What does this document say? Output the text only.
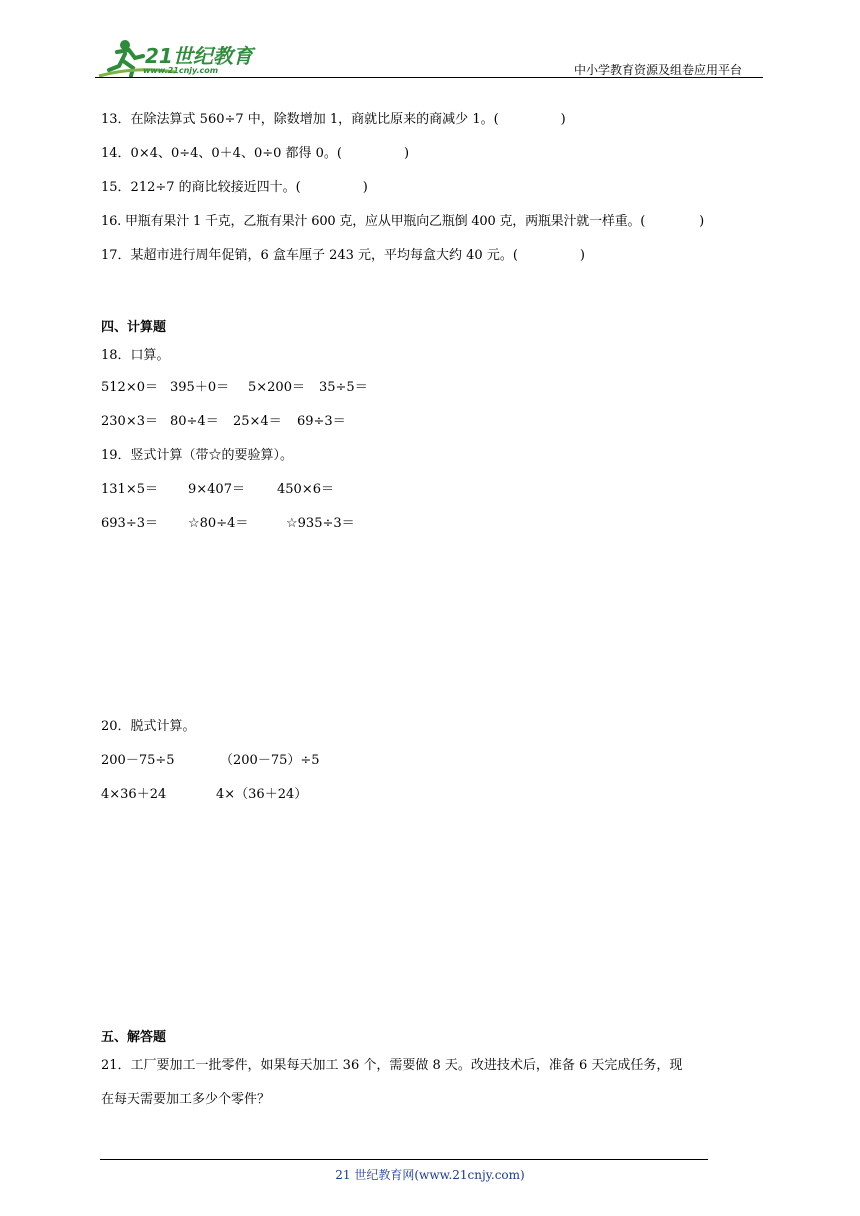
21世纪教育
www.21cnjy.com	中小学教育资源及组卷应用平台
13．在除法算式 560÷7 中，除数增加 1，商就比原来的商减少 1。(	)
14．0×4、0÷4、0＋4、0÷0 都得 0。(	)
15．212÷7 的商比较接近四十。(	)
16. 甲瓶有果汁 1 千克，乙瓶有果汁 600 克，应从甲瓶向乙瓶倒 400 克，两瓶果汁就一样重。(	)
17．某超市进行周年促销，6 盒车厘子 243 元，平均每盒大约 40 元。(	)
四、计算题
18．口算。
512×0＝ 395＋0＝ 5×200＝ 35÷5＝
230×3＝ 80÷4＝ 25×4＝ 69÷3＝
19．竖式计算（带☆的要验算）。
131×5＝ 9×407＝ 450×6＝
693÷3＝ ☆80÷4＝	☆935÷3＝
20．脱式计算。
200－75÷5	（200－75）÷5
4×36＋24	4×（36＋24）
五、解答题
21．工厂要加工一批零件，如果每天加工 36 个，需要做 8 天。改进技术后，准备 6 天完成任务，现
在每天需要加工多少个零件？
21 世纪教育网(www.21cnjy.com)
